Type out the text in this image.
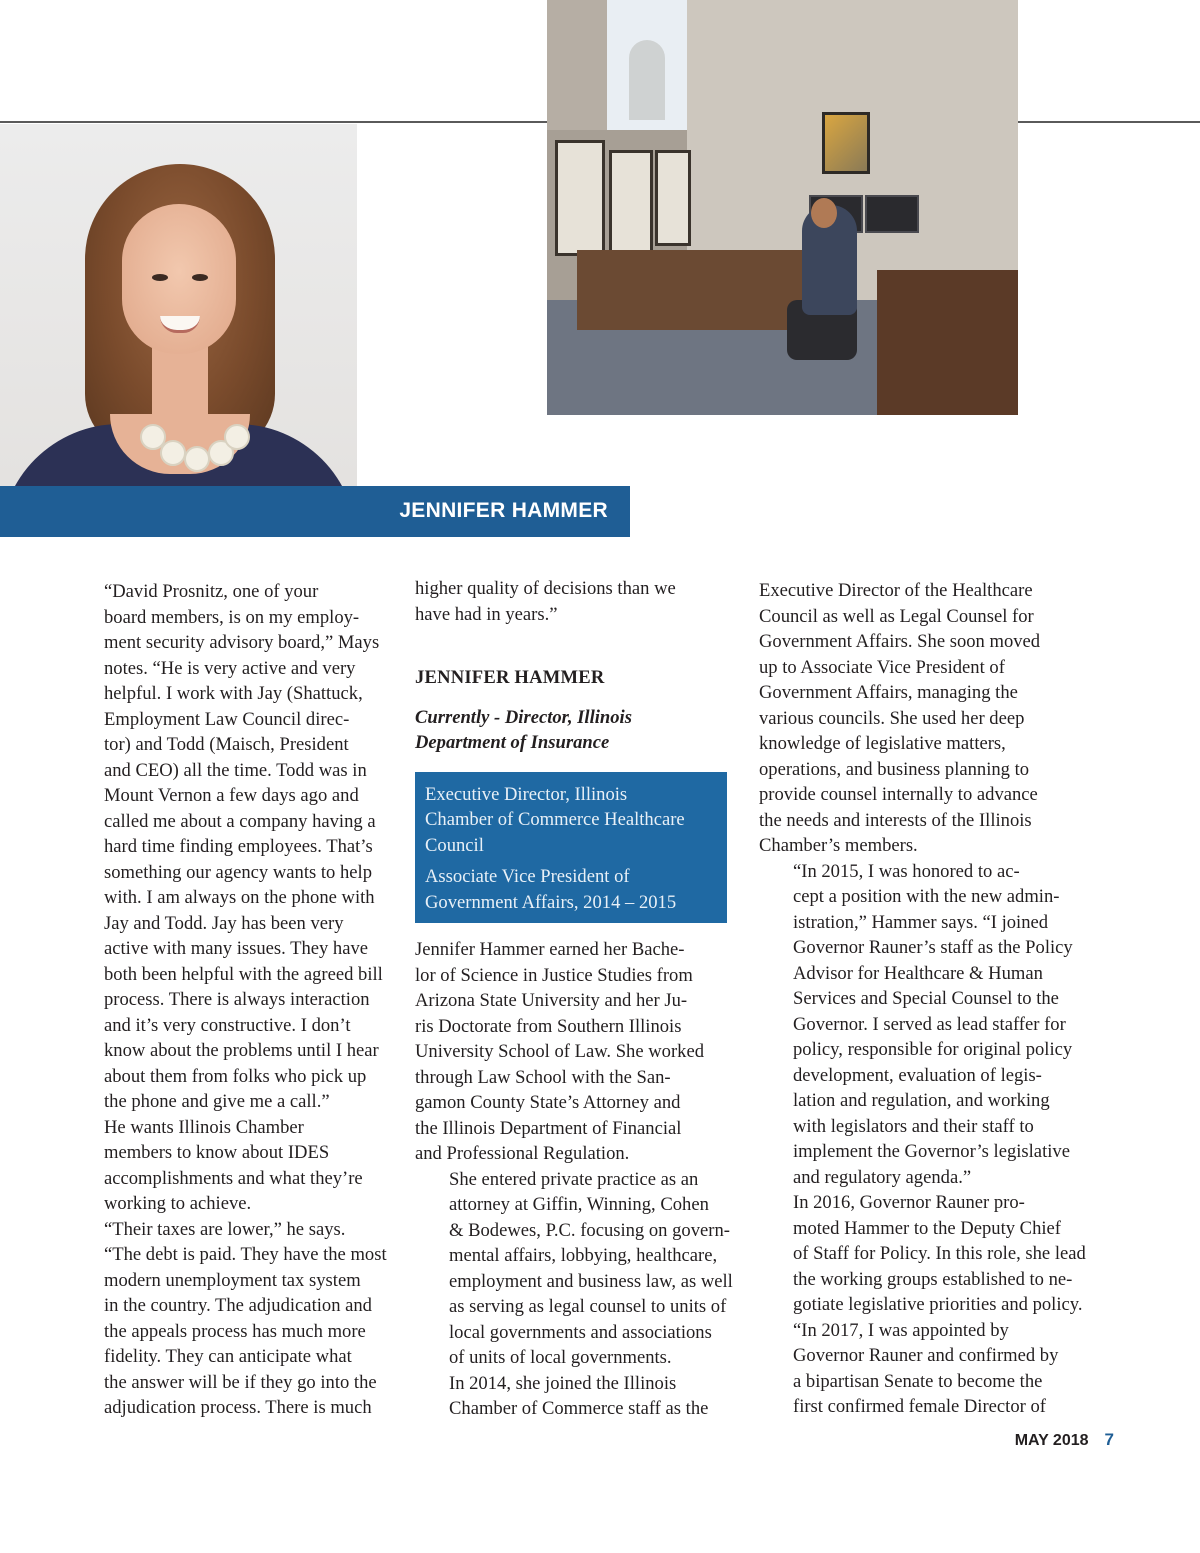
JENNIFER HAMMER

“David Prosnitz, one of your
board members, is on my employ-
ment security advisory board,” Mays
notes. “He is very active and very
helpful. I work with Jay (Shattuck,
Employment Law Council direc-
tor) and Todd (Maisch, President
and CEO) all the time. Todd was in
Mount Vernon a few days ago and
called me about a company having a
hard time finding employees. That’s
something our agency wants to help
with. I am always on the phone with
Jay and Todd. Jay has been very
active with many issues. They have
both been helpful with the agreed bill
process. There is always interaction
and it’s very constructive. I don’t
know about the problems until I hear
about them from folks who pick up
the phone and give me a call.”

He wants Illinois Chamber
members to know about IDES
accomplishments and what they’re
working to achieve.

“Their taxes are lower,” he says.
“The debt is paid. They have the most
modern unemployment tax system
in the country. The adjudication and
the appeals process has much more
fidelity. They can anticipate what
the answer will be if they go into the
adjudication process. There is much

higher quality of decisions than we
have had in years.”

JENNIFER HAMMER
Currently - Director, Illinois
Department of Insurance
Executive Director, Illinois
Chamber of Commerce Healthcare
Council
Associate Vice President of
Government Affairs, 2014 – 2015

Jennifer Hammer earned her Bache-
lor of Science in Justice Studies from
Arizona State University and her Ju-
ris Doctorate from Southern Illinois
University School of Law. She worked
through Law School with the San-
gamon County State’s Attorney and
the Illinois Department of Financial
and Professional Regulation.

She entered private practice as an
attorney at Giffin, Winning, Cohen
& Bodewes, P.C. focusing on govern-
mental affairs, lobbying, healthcare,
employment and business law, as well
as serving as legal counsel to units of
local governments and associations
of units of local governments.

In 2014, she joined the Illinois
Chamber of Commerce staff as the

Executive Director of the Healthcare
Council as well as Legal Counsel for
Government Affairs. She soon moved
up to Associate Vice President of
Government Affairs, managing the
various councils. She used her deep
knowledge of legislative matters,
operations, and business planning to
provide counsel internally to advance
the needs and interests of the Illinois
Chamber’s members.

“In 2015, I was honored to ac-
cept a position with the new admin-
istration,” Hammer says. “I joined
Governor Rauner’s staff as the Policy
Advisor for Healthcare & Human
Services and Special Counsel to the
Governor. I served as lead staffer for
policy, responsible for original policy
development, evaluation of legis-
lation and regulation, and working
with legislators and their staff to
implement the Governor’s legislative
and regulatory agenda.”

In 2016, Governor Rauner pro-
moted Hammer to the Deputy Chief
of Staff for Policy. In this role, she lead
the working groups established to ne-
gotiate legislative priorities and policy.

“In 2017, I was appointed by
Governor Rauner and confirmed by
a bipartisan Senate to become the
first confirmed female Director of

MAY 2018 7
